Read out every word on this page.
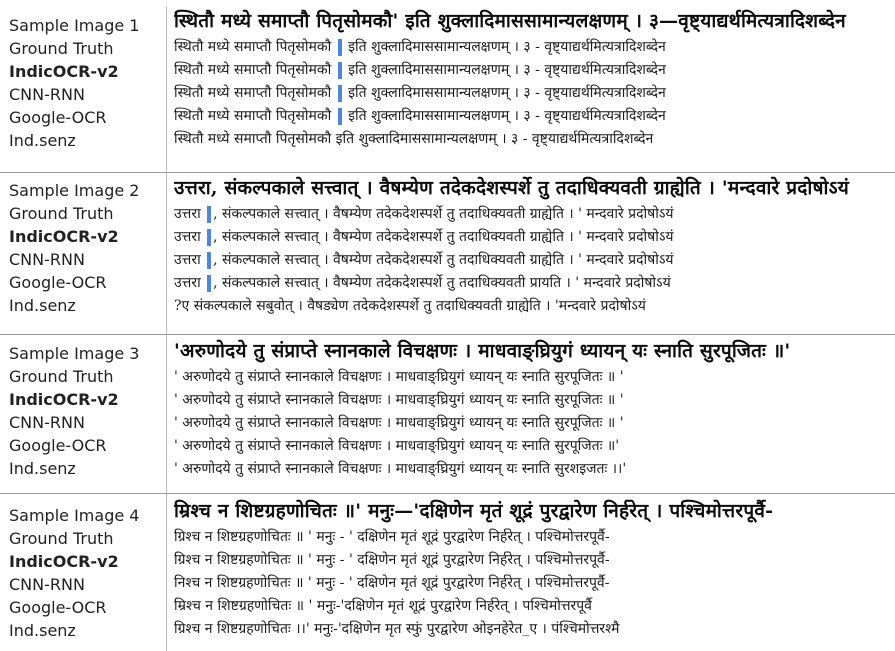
Sample Image 1
Ground Truth
IndicOCR-v2
CNN-RNN
Google-OCR
Ind.senz
स्थितौ मध्ये समाप्तौ पितृसोमकौ' इति शुक्लादिमाससामान्यलक्षणम् । ३—वृष्ट्याद्यर्थमित्यत्रादिशब्देन
स्थितौ मध्ये समाप्तौ पितृसोमकौ  इति शुक्लादिमाससामान्यलक्षणम् । ३ - वृष्ट्याद्यर्थमित्यत्रादिशब्देन
स्थितौ मध्ये समाप्तौ पितृसोमकौ  इति शुक्लादिमाससामान्यलक्षणम् । ३ - वृष्ट्याद्यर्थमित्यत्रादिशब्देन
स्थितौ मध्ये समाप्तौ पितृसोमकौ  इति शुक्लादिमाससामान्यलक्षणम् । ३ - वृष्ट्याद्यर्थमित्यत्रादिशब्देन
स्थितौ मध्ये समाप्तौ पितृसोमकौ  इति शुक्लादिमाससामान्यलक्षणम् । ३ - वृष्ट्याद्यर्थमित्यत्रादिशब्देन
स्थितौ मध्ये समाप्तौ पितृसोमकौ इति शुक्लादिमाससामान्यलक्षणम् । ३ - वृष्ट्याद्यर्थमित्यत्रादिशब्देन
Sample Image 2
Ground Truth
IndicOCR-v2
CNN-RNN
Google-OCR
Ind.senz
उत्तरा, संकल्पकाले सत्त्वात् । वैषम्येण तदेकदेशस्पर्शे तु तदाधिक्यवती ग्राह्येति । 'मन्दवारे प्रदोषोऽयं
उत्तरा , संकल्पकाले सत्त्वात् । वैषम्येण तदेकदेशस्पर्शे तु तदाधिक्यवती ग्राह्येति । ' मन्दवारे प्रदोषोऽयं
उत्तरा , संकल्पकाले सत्त्वात् । वैषम्येण तदेकदेशस्पर्शे तु तदाधिक्यवती ग्राह्येति । ' मन्दवारे प्रदोषोऽयं
उत्तरा , संकल्पकाले सत्त्वात् । वैषम्येण तदेकदेशस्पर्शे तु तदाधिक्यवती ग्राह्येति । ' मन्दवारे प्रदोषोऽयं
उत्तरा , संकल्पकाले सत्त्वात् । वैषम्येण तदेकदेशस्पर्शे तु तदाधिक्यवती प्रायति । ' मन्दवारे प्रदोषोऽयं
?ए संकल्पकाले सबुवोत् । वैषड्येण तदेकदेशस्पर्शे तु तदाधिक्यवती ग्राह्येति । 'मन्दवारे प्रदोषोऽयं
Sample Image 3
Ground Truth
IndicOCR-v2
CNN-RNN
Google-OCR
Ind.senz
'अरुणोदये तु संप्राप्ते स्नानकाले विचक्षणः । माधवाङ्घ्रियुगं ध्यायन् यः स्नाति सुरपूजितः ॥'
' अरुणोदये तु संप्राप्ते स्नानकाले विचक्षणः । माधवाङ्घ्रियुगं ध्यायन् यः स्नाति सुरपूजितः ॥ '
' अरुणोदये तु संप्राप्ते स्नानकाले विचक्षणः । माधवाङ्घ्रियुगं ध्यायन् यः स्नाति सुरपूजितः ॥ '
' अरुणोदये तु संप्राप्ते स्नानकाले विचक्षणः । माधवाङ्घ्रियुगं ध्यायन् यः स्नाति सुरपूजितः ॥ '
' अरुणोदये तु संप्राप्ते स्नानकाले विचक्षणः । माधवाङ्घ्रियुगं ध्यायन् यः स्नाति सुरपूजितः ॥'
' अरुणोदये तु संप्राप्ते स्नानकाले विचक्षणः । माधवाङ्घ्रियुगं ध्यायन् यः स्नाति सुरशइजतः ।।'
Sample Image 4
Ground Truth
IndicOCR-v2
CNN-RNN
Google-OCR
Ind.senz
म्रिश्च न शिष्टग्रहणोचितः ॥' मनुः—'दक्षिणेन मृतं शूद्रं पुरद्वारेण निर्हरेत् । पश्चिमोत्तरपूर्वै-
ग्रिश्च न शिष्टग्रहणोचितः ॥ ' मनुः - ' दक्षिणेन मृतं शूद्रं पुरद्वारेण निर्हरेत् । पश्चिमोत्तरपूर्वै-
ग्रिश्च न शिष्टग्रहणोचितः ॥ ' मनुः - ' दक्षिणेन मृतं शूद्रं पुरद्वारेण निर्हरेत् । पश्चिमोत्तरपूर्वै-
निश्च न शिष्टग्रहणोचितः ॥ ' मनुः - ' दक्षिणेन मृतं शूद्रं पुरद्वारेण निर्हरेत् । पश्चिमोत्तरपूर्वै-
म्रिश्च न शिष्टग्रहणोचितः ॥ ' मनुः-'दक्षिणेन मृतं शूद्रं पुरद्वारेण निर्हरेत् । पश्चिमोत्तरपूर्वै
ग्रिश्च न शिष्टग्रहणोचितः ।।' मनुः-'दक्षिणेन मृत स्फुं पुरद्वारेण ओइनहेरेत_ए । पंश्चिमोत्तरश्मै
